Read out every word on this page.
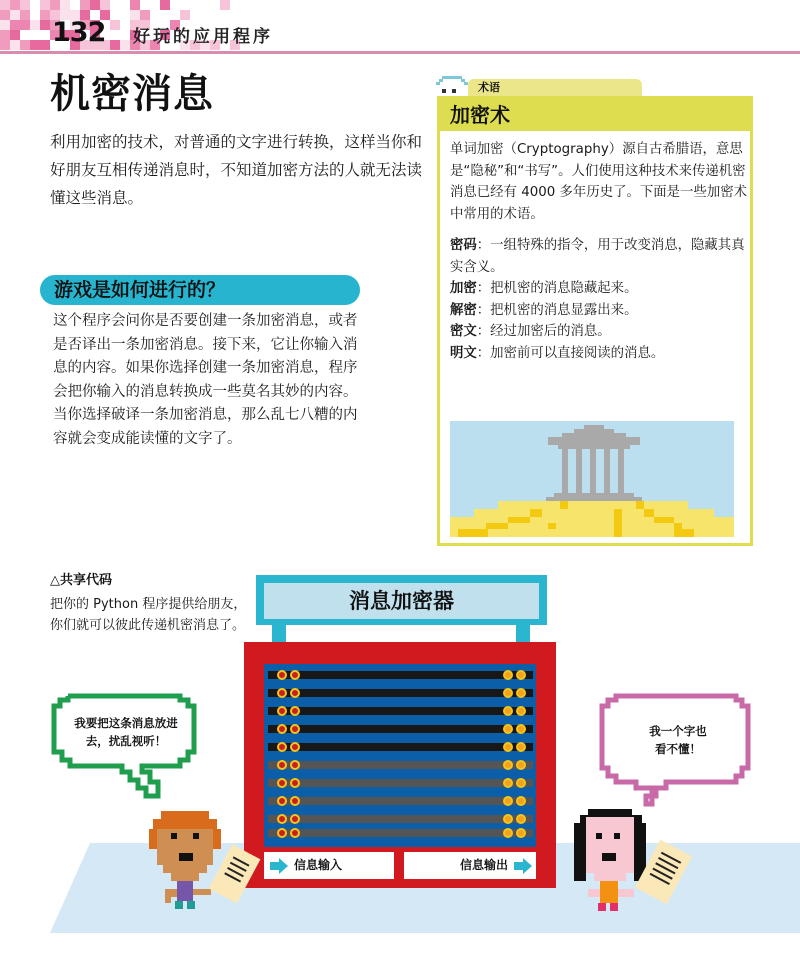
132 好玩的应用程序
机密消息

利用加密的技术，对普通的文字进行转换，这样当你和好朋友互相传递消息时，不知道加密方法的人就无法读懂这些消息。

游戏是如何进行的？

这个程序会问你是否要创建一条加密消息，或者是否译出一条加密消息。接下来，它让你输入消息的内容。如果你选择创建一条加密消息，程序会把你输入的消息转换成一些莫名其妙的内容。当你选择破译一条加密消息，那么乱七八糟的内容就会变成能读懂的文字了。

术语
加密术

单词加密（Cryptography）源自古希腊语，意思是“隐秘”和“书写”。人们使用这种技术来传递机密消息已经有 4000 多年历史了。下面是一些加密术中常用的术语。

密码：一组特殊的指令，用于改变消息，隐藏其真实含义。
加密：把机密的消息隐藏起来。
解密：把机密的消息显露出来。
密文：经过加密后的消息。
明文：加密前可以直接阅读的消息。
△共享代码

把你的 Python 程序提供给朋友，你们就可以彼此传递机密消息了。

消息加密器
信息输入	信息输出
我要把这条消息放进
去，扰乱视听！
我一个字也
看不懂！
